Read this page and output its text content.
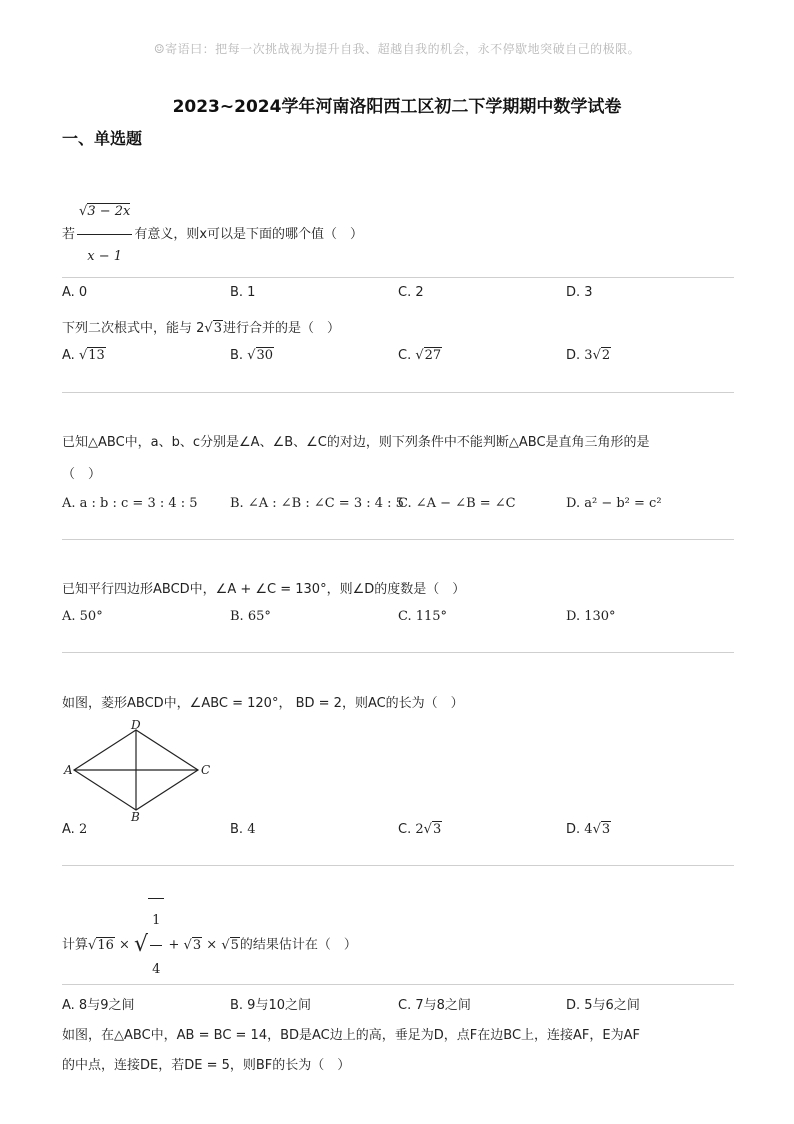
☺寄语曰：把每一次挑战视为提升自我、超越自我的机会，永不停歇地突破自己的极限。
2023~2024学年河南洛阳西工区初二下学期期中数学试卷
一、单选题
若 $\frac{√3 - 2x}{x - 1}$ 有意义，则x可以是下面的哪个值（　）
A. 0	B. 1	C. 2	D. 3
下列二次根式中，能与 2√3进行合并的是（　）
A. √13	B. √30	C. √27	D. 3√2
已知△ABC中，a、b、c分别是∠A、∠B、∠C的对边，则下列条件中不能判断△ABC是直角三角形的是
（　）
A. a : b : c = 3 : 4 : 5 B. ∠A : ∠B : ∠C = 3 : 4 : 5
C. ∠A − ∠B = ∠C	D. a² − b² = c²
已知平行四边形ABCD中，∠A + ∠C = 130°，则∠D的度数是（　）
A. 50°	B. 65°	C. 115°	D. 130°
如图，菱形ABCD中，∠ABC = 120°， BD = 2，则AC的长为（　）
A
D
C
B
A. 2	B. 4	C. 2√3	D. 4√3
计算√16 × √ $\frac{1}{4} + √3 \times √5$的结果估计在（　）
A. 8与9之间	B. 9与10之间	C. 7与8之间	D. 5与6之间
如图，在△ABC中，AB = BC = 14，BD是AC边上的高，垂足为D，点F在边BC上，连接AF，E为AF
的中点，连接DE，若DE = 5，则BF的长为（　）
